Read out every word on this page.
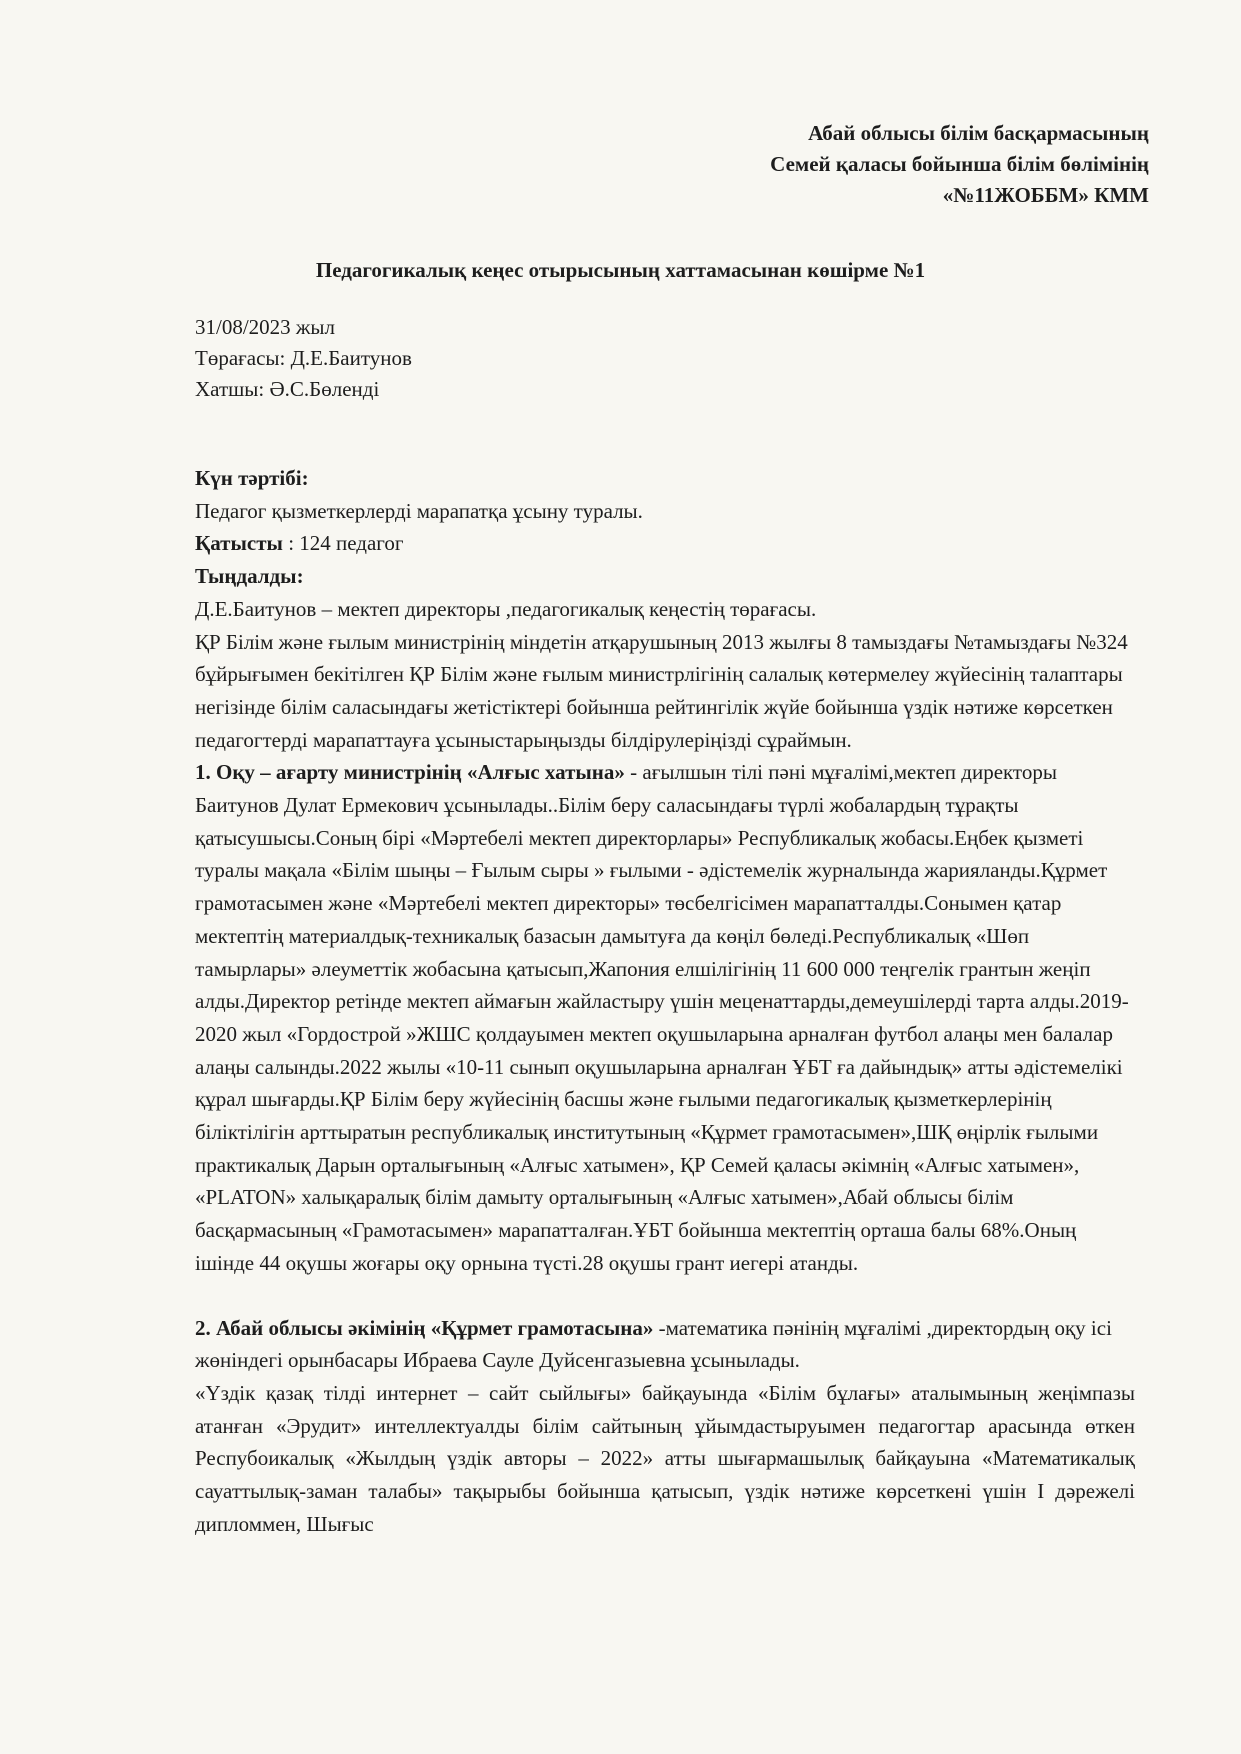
Абай облысы білім басқармасының
Семей қаласы бойынша білім бөлімінің
«№11ЖОББМ» КММ
Педагогикалық кеңес отырысының хаттамасынан көшірме №1
31/08/2023 жыл
Төрағасы: Д.Е.Баитунов
Хатшы: Ә.С.Бөленді

Күн тәртібі:

Педагог қызметкерлерді марапатқа ұсыну туралы.

Қатысты : 124 педагог

Тыңдалды:

Д.Е.Баитунов – мектеп директоры ,педагогикалық кеңестің төрағасы.

ҚР Білім және ғылым министрінің міндетін атқарушының 2013 жылғы 8 тамыздағы №тамыздағы №324 бұйрығымен бекітілген ҚР Білім және ғылым министрлігінің салалық көтермелеу жүйесінің талаптары негізінде білім саласындағы жетістіктері бойынша рейтингілік жүйе бойынша үздік нәтиже көрсеткен педагогтерді марапаттауға ұсыныстарыңызды білдірулеріңізді сұраймын.

1. Оқу – ағарту министрінің «Алғыс хатына» - ағылшын тілі пәні мұғалімі,мектеп директоры Баитунов Дулат Ермекович ұсынылады..Білім беру саласындағы түрлі жобалардың тұрақты қатысушысы.Соның бірі «Мәртебелі мектеп директорлары» Республикалық жобасы.Еңбек қызметі туралы мақала «Білім шыңы – Ғылым сыры » ғылыми - әдістемелік журналында жарияланды.Құрмет грамотасымен және «Мәртебелі мектеп директоры» төсбелгісімен марапатталды.Сонымен қатар мектептің материалдық-техникалық базасын дамытуға да көңіл бөледі.Республикалық «Шөп тамырлары» әлеуметтік жобасына қатысып,Жапония елшілігінің 11 600 000 теңгелік грантын жеңіп алды.Директор ретінде мектеп аймағын жайластыру үшін меценаттарды,демеушілерді тарта алды.2019-2020 жыл «Гордострой »ЖШС қолдауымен мектеп оқушыларына арналған футбол алаңы мен балалар алаңы салынды.2022 жылы «10-11 сынып оқушыларына арналған ҰБТ ға дайындық» атты әдістемелікі құрал шығарды.ҚР Білім беру жүйесінің басшы және ғылыми педагогикалық қызметкерлерінің біліктілігін арттыратын республикалық институтының «Құрмет грамотасымен»,ШҚ өңірлік ғылыми практикалық Дарын орталығының «Алғыс хатымен», ҚР Семей қаласы әкімнің «Алғыс хатымен», «PLATON» халықаралық білім дамыту орталығының «Алғыс хатымен»,Абай облысы білім басқармасының «Грамотасымен» марапатталған.ҰБТ бойынша мектептің орташа балы 68%.Оның ішінде 44 оқушы жоғары оқу орнына түсті.28 оқушы грант иегері атанды.

2. Абай облысы әкімінің «Құрмет грамотасына» -математика пәнінің мұғалімі ,директордың оқу ісі жөніндегі орынбасары Ибраева Сауле Дуйсенгазыевна ұсынылады.

«Үздік қазақ тілді интернет – сайт сыйлығы» байқауында «Білім бұлағы» аталымының жеңімпазы атанған «Эрудит» интеллектуалды білім сайтының ұйымдастыруымен педагогтар арасында өткен Респубоикалық «Жылдың үздік авторы – 2022» атты шығармашылық байқауына «Математикалық сауаттылық-заман талабы» тақырыбы бойынша қатысып, үздік нәтиже көрсеткені үшін І дәрежелі дипломмен, Шығыс
